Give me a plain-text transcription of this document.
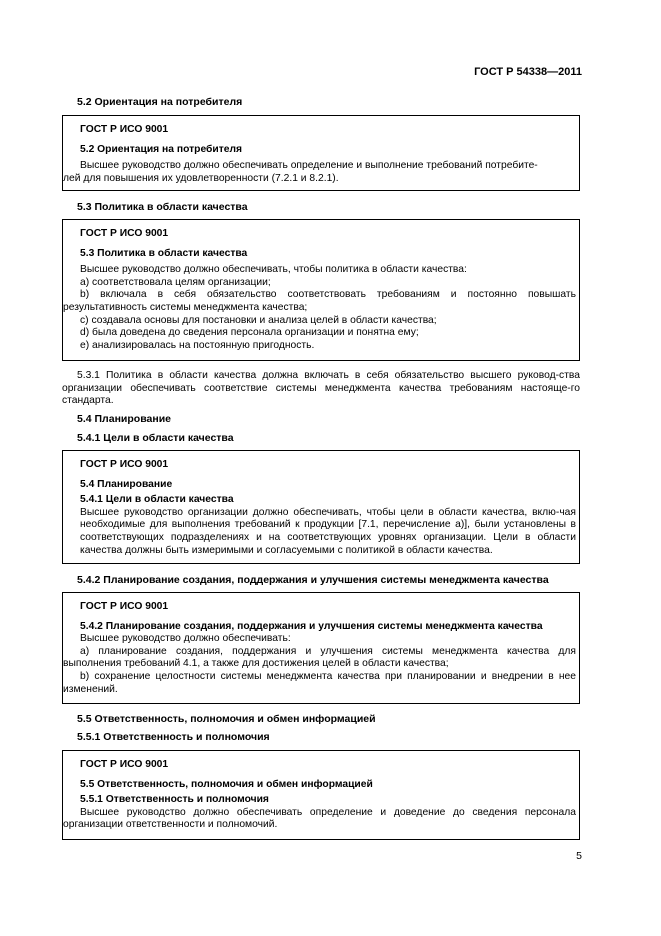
ГОСТ Р 54338—2011
5.2 Ориентация на потребителя
ГОСТ Р ИСО 9001
5.2 Ориентация на потребителя

Высшее руководство должно обеспечивать определение и выполнение требований потребите-

лей для повышения их удовлетворенности (7.2.1 и 8.2.1).

5.3 Политика в области качества
ГОСТ Р ИСО 9001
5.3 Политика в области качества

Высшее руководство должно обеспечивать, чтобы политика в области качества:

а) соответствовала целям организации;

b) включала в себя обязательство соответствовать требованиям и постоянно повышать

результативность системы менеджмента качества;

c) создавала основы для постановки и анализа целей в области качества;

d) была доведена до сведения персонала организации и понятна ему;

e) анализировалась на постоянную пригодность.

5.3.1 Политика в области качества должна включать в себя обязательство высшего руковод-ства организации обеспечивать соответствие системы менеджмента качества требованиям настояще-го стандарта.

5.4 Планирование
5.4.1 Цели в области качества
ГОСТ Р ИСО 9001
5.4 Планирование
5.4.1 Цели в области качества

Высшее руководство организации должно обеспечивать, чтобы цели в области качества, вклю-чая необходимые для выполнения требований к продукции [7.1, перечисление а)], были установлены в соответствующих подразделениях и на соответствующих уровнях организации. Цели в области качества должны быть измеримыми и согласуемыми с политикой в области качества.

5.4.2 Планирование создания, поддержания и улучшения системы менеджмента качества
ГОСТ Р ИСО 9001
5.4.2 Планирование создания, поддержания и улучшения системы менеджмента качества

Высшее руководство должно обеспечивать:

а) планирование создания, поддержания и улучшения системы менеджмента качества для выполнения требований 4.1, а также для достижения целей в области качества;

b) сохранение целостности системы менеджмента качества при планировании и внедрении в нее изменений.

5.5 Ответственность, полномочия и обмен информацией
5.5.1 Ответственность и полномочия
ГОСТ Р ИСО 9001
5.5 Ответственность, полномочия и обмен информацией
5.5.1 Ответственность и полномочия

Высшее руководство должно обеспечивать определение и доведение до сведения персонала организации ответственности и полномочий.

5
